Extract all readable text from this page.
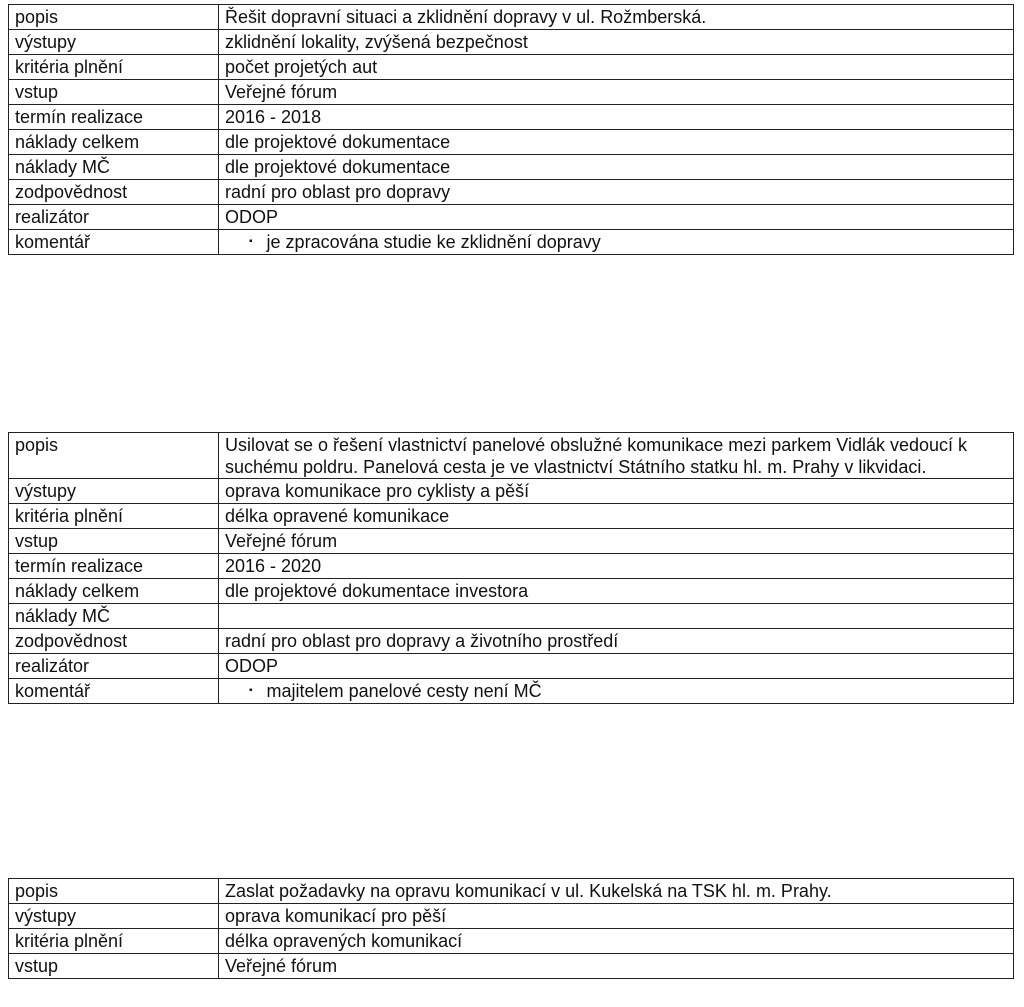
popis	Řešit dopravní situaci a zklidnění dopravy v ul. Rožmberská.
výstupy	zklidnění lokality, zvýšená bezpečnost
kritéria plnění	počet projetých aut
vstup	Veřejné fórum
termín realizace	2016 - 2018
náklady celkem	dle projektové dokumentace
náklady MČ	dle projektové dokumentace
zodpovědnost	radní pro oblast pro dopravy
realizátor	ODOP
komentář	▪ je zpracována studie ke zklidnění dopravy
popis	Usilovat se o řešení vlastnictví panelové obslužné komunikace mezi parkem Vidlák vedoucí k suchému poldru. Panelová cesta je ve vlastnictví Státního statku hl. m. Prahy v likvidaci.
výstupy	oprava komunikace pro cyklisty a pěší
kritéria plnění	délka opravené komunikace
vstup	Veřejné fórum
termín realizace	2016 - 2020
náklady celkem	dle projektové dokumentace investora
náklady MČ	
zodpovědnost	radní pro oblast pro dopravy a životního prostředí
realizátor	ODOP
komentář	▪ majitelem panelové cesty není MČ
popis	Zaslat požadavky na opravu komunikací v ul. Kukelská na TSK hl. m. Prahy.
výstupy	oprava komunikací pro pěší
kritéria plnění	délka opravených komunikací
vstup	Veřejné fórum
